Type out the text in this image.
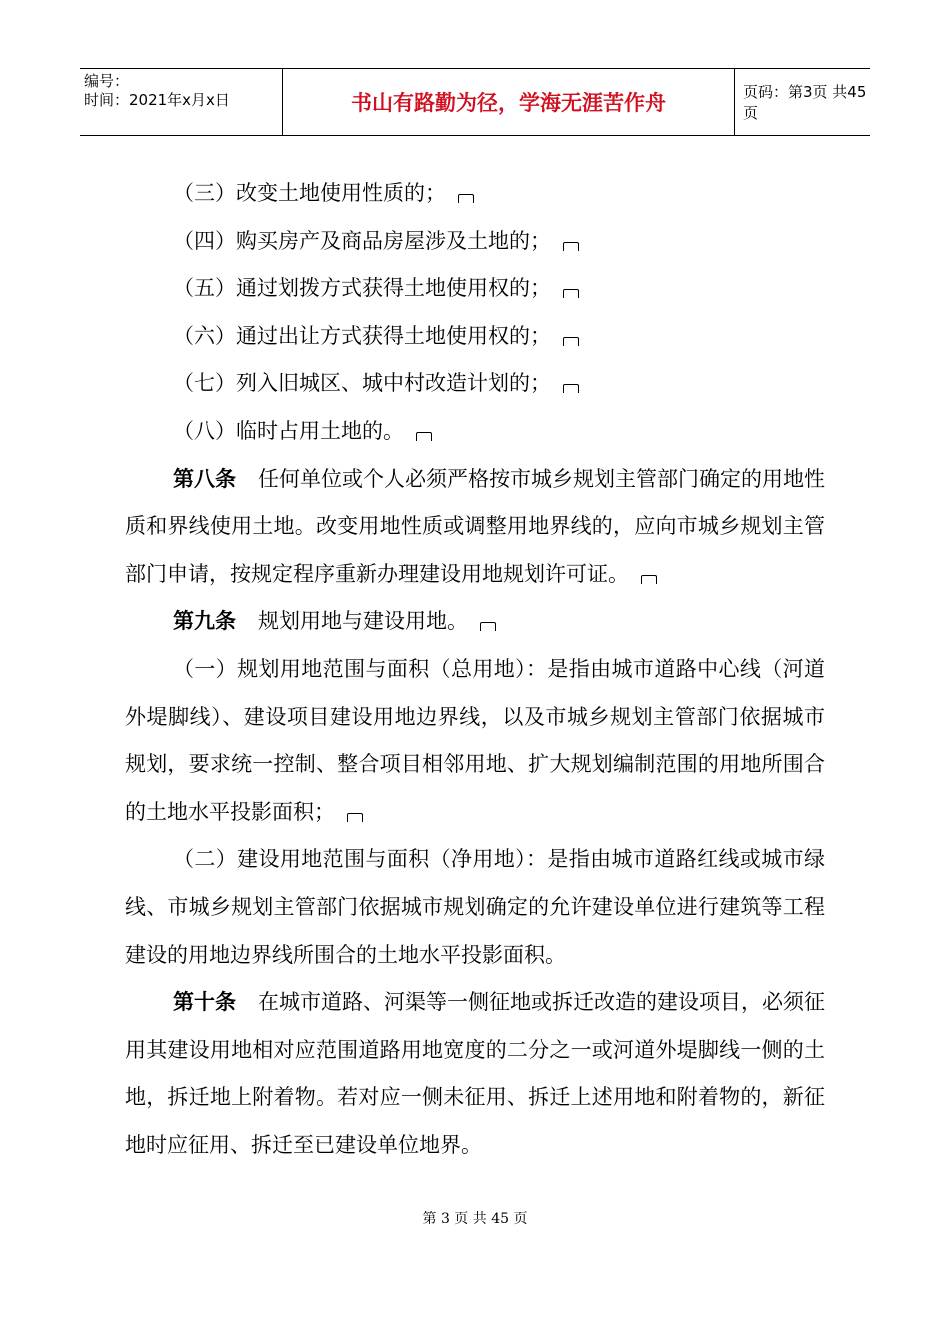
编号：
时间：2021年x月x日	书山有路勤为径，学海无涯苦作舟	页码：第3页 共45页

（三）改变土地使用性质的；

（四）购买房产及商品房屋涉及土地的；

（五）通过划拨方式获得土地使用权的；

（六）通过出让方式获得土地使用权的；

（七）列入旧城区、城中村改造计划的；

（八）临时占用土地的。

第八条 任何单位或个人必须严格按市城乡规划主管部门确定的用地性质和界线使用土地。改变用地性质或调整用地界线的，应向市城乡规划主管部门申请，按规定程序重新办理建设用地规划许可证。

第九条 规划用地与建设用地。

（一）规划用地范围与面积（总用地）：是指由城市道路中心线（河道外堤脚线）、建设项目建设用地边界线，以及市城乡规划主管部门依据城市规划，要求统一控制、整合项目相邻用地、扩大规划编制范围的用地所围合的土地水平投影面积；

（二）建设用地范围与面积（净用地）：是指由城市道路红线或城市绿线、市城乡规划主管部门依据城市规划确定的允许建设单位进行建筑等工程建设的用地边界线所围合的土地水平投影面积。

第十条 在城市道路、河渠等一侧征地或拆迁改造的建设项目，必须征用其建设用地相对应范围道路用地宽度的二分之一或河道外堤脚线一侧的土地，拆迁地上附着物。若对应一侧未征用、拆迁上述用地和附着物的，新征地时应征用、拆迁至已建设单位地界。

第 3 页 共 45 页
